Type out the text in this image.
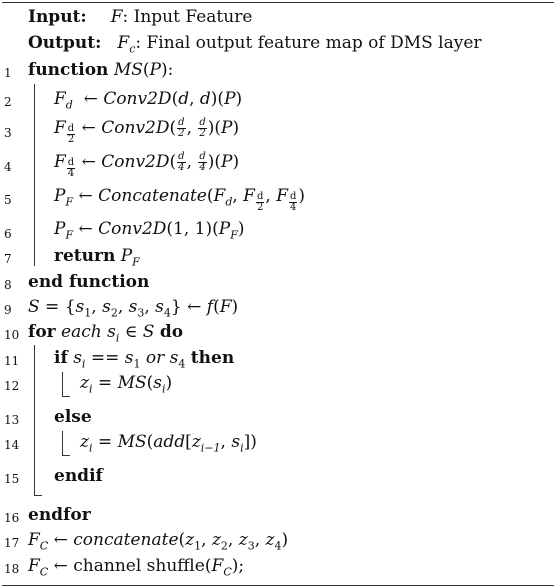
Input: F: Input Feature
Output: $F_c$: Final output feature map of DMS layer
1
2
3
4
5
6
7
8
9
10
11
12
13
14
15
16
17
18
function MS(P):
$F_d$  ← Conv2D(d, d)(P)
F $_{\frac{d}{2}}$ ← Conv2D( $\frac{d}{2}$ , $\frac{d}{2} )(P)$
F $_{\frac{d}{4}}$ ← Conv2D( $\frac{d}{4}$ , $\frac{d}{4} )(P)$
$P_F$ ← $Concatenate(F_d$, F $_{\frac{d}{2}}$ , F $_{\frac{d}{4}}$ )
$P_F$ ← Conv2D(1, $1)(P_F)$
return $P_F$
end function
$S = \{s_1$, $s_2$, $s_3$, $s_4$} ← f(F)
for each $s_i$ ∈ S do
if $s_i == s_1$ or $s_4$ then
$z_i = MS(s_i)$
else
$z_i = MS(add[z_{i-1}$, $s_i$])
endif
endfor
$F_C$ ← $concatenate(z_1$, $z_2$, $z_3$, $z_4$)
$F_C$ ← channel $shuffle(F_C)$;
